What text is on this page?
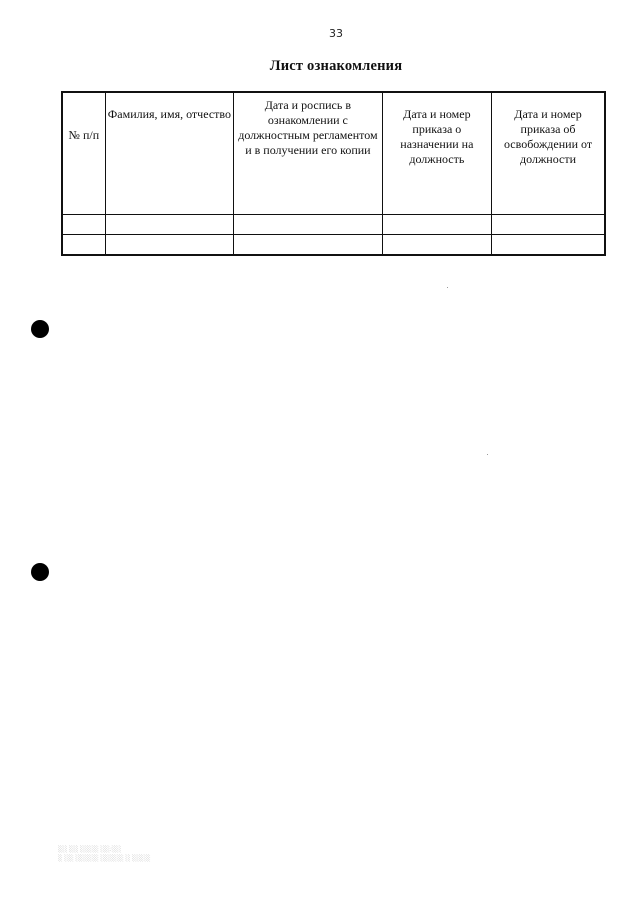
33
Лист ознакомления
№ п/п	Фамилия, имя, отчество	Дата и роспись в ознакомлении с должностным регламентом и в получении его копии	Дата и номер приказа о назначении на должность	Дата и номер приказа об освобождении от должности

░░ ░░ ░░░░ ░░:░░
░ ░░ ░░░░░ ░░░░░ ░ ░░░░
